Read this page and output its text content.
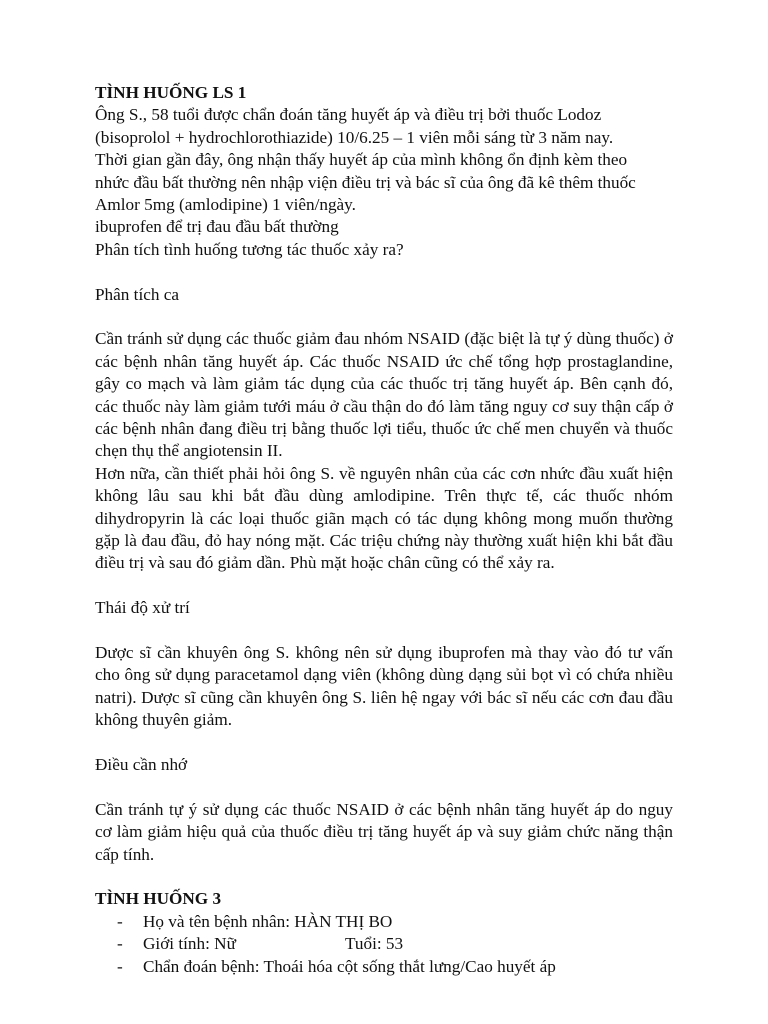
TÌNH HUỐNG LS 1
Ông S., 58 tuổi được chẩn đoán tăng huyết áp và điều trị bởi thuốc Lodoz
(bisoprolol + hydrochlorothiazide) 10/6.25 – 1 viên mỗi sáng từ 3 năm nay.
Thời gian gần đây, ông nhận thấy huyết áp của mình không ổn định kèm theo
nhức đầu bất thường nên nhập viện điều trị và bác sĩ của ông đã kê thêm thuốc
Amlor 5mg (amlodipine) 1 viên/ngày.
ibuprofen để trị đau đầu bất thường
Phân tích tình huống tương tác thuốc xảy ra?
Phân tích ca

Cần tránh sử dụng các thuốc giảm đau nhóm NSAID (đặc biệt là tự ý dùng thuốc) ở các bệnh nhân tăng huyết áp. Các thuốc NSAID ức chế tổng hợp prostaglandine, gây co mạch và làm giảm tác dụng của các thuốc trị tăng huyết áp. Bên cạnh đó, các thuốc này làm giảm tưới máu ở cầu thận do đó làm tăng nguy cơ suy thận cấp ở các bệnh nhân đang điều trị bằng thuốc lợi tiểu, thuốc ức chế men chuyển và thuốc chẹn thụ thể angiotensin II.

Hơn nữa, cần thiết phải hỏi ông S. về nguyên nhân của các cơn nhức đầu xuất hiện không lâu sau khi bắt đầu dùng amlodipine. Trên thực tế, các thuốc nhóm dihydropyrin là các loại thuốc giãn mạch có tác dụng không mong muốn thường gặp là đau đầu, đỏ hay nóng mặt. Các triệu chứng này thường xuất hiện khi bắt đầu điều trị và sau đó giảm dần. Phù mặt hoặc chân cũng có thể xảy ra.

Thái độ xử trí

Dược sĩ cần khuyên ông S. không nên sử dụng ibuprofen mà thay vào đó tư vấn cho ông sử dụng paracetamol dạng viên (không dùng dạng sủi bọt vì có chứa nhiều natri). Dược sĩ cũng cần khuyên ông S. liên hệ ngay với bác sĩ nếu các cơn đau đầu không thuyên giảm.

Điều cần nhớ

Cần tránh tự ý sử dụng các thuốc NSAID ở các bệnh nhân tăng huyết áp do nguy cơ làm giảm hiệu quả của thuốc điều trị tăng huyết áp và suy giảm chức năng thận cấp tính.

TÌNH HUỐNG 3
- Họ và tên bệnh nhân: HÀN THỊ BO
- Giới tính: Nữ	Tuổi: 53
- Chẩn đoán bệnh: Thoái hóa cột sống thắt lưng/Cao huyết áp
